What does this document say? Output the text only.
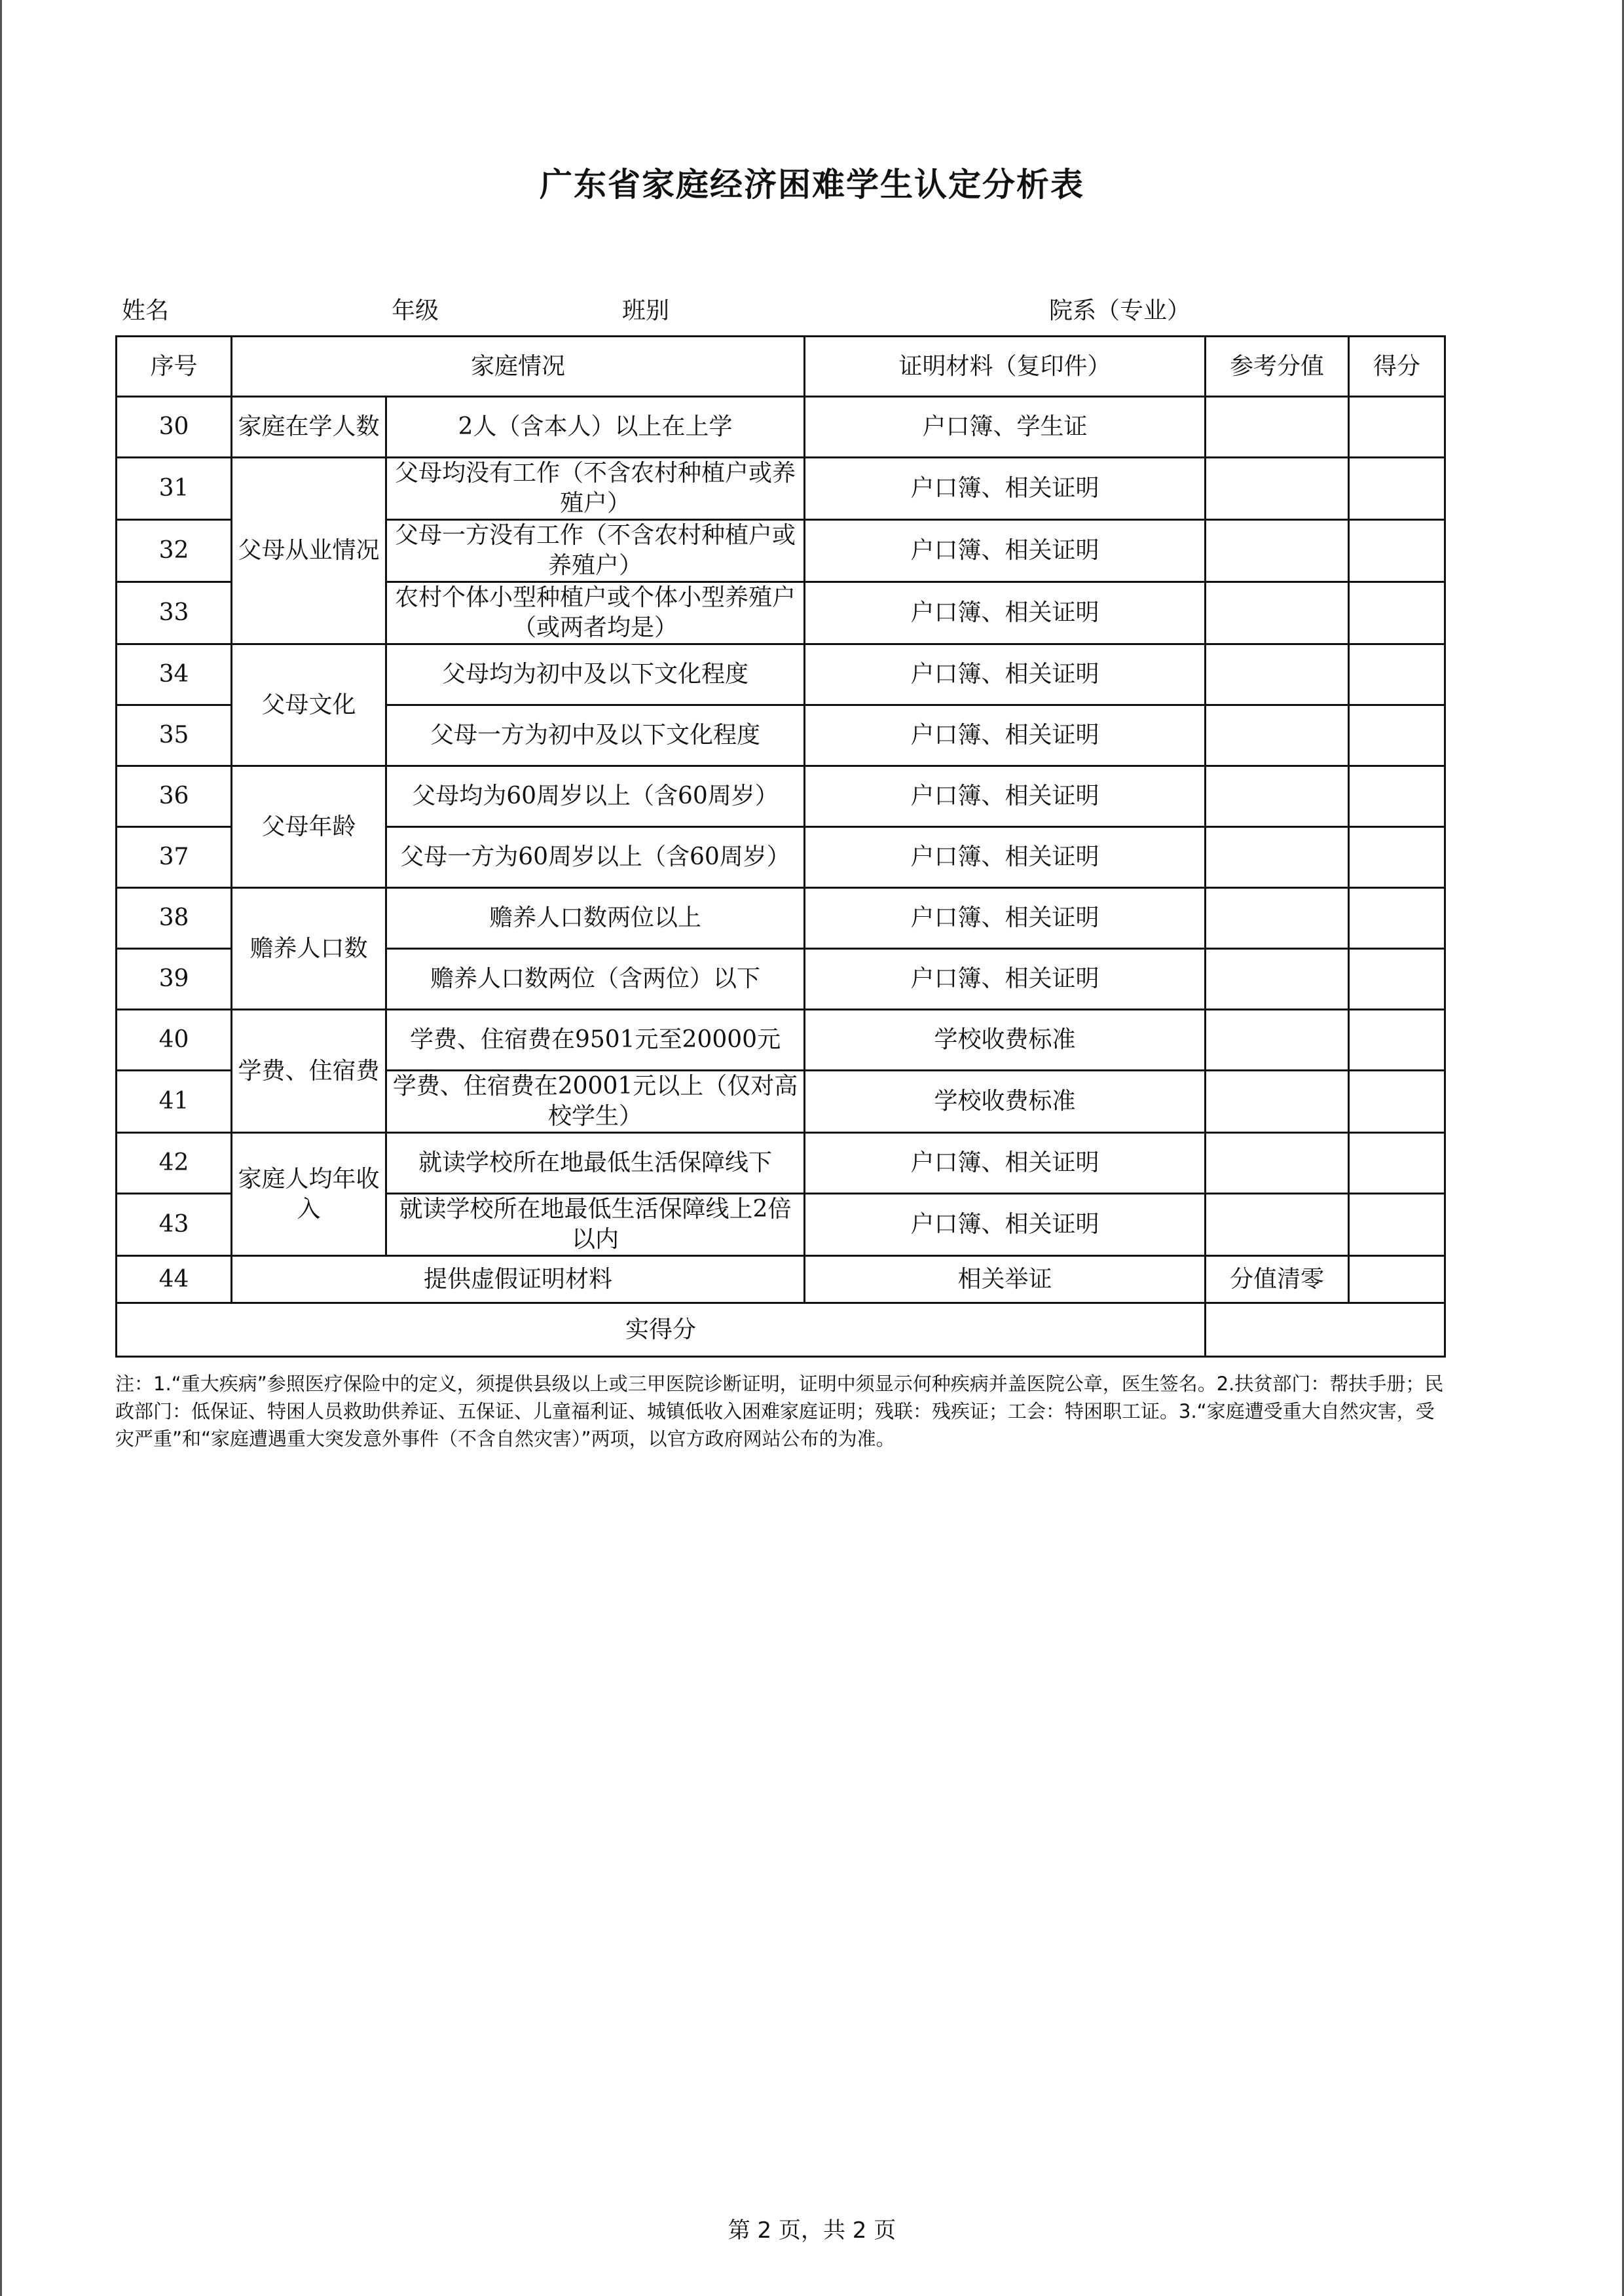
广东省家庭经济困难学生认定分析表
姓名	年级	班别	院系（专业）
序号	家庭情况		证明材料（复印件）	参考分值	得分
30	家庭在学人数	2人（含本人）以上在上学	户口簿、学生证		
31	父母从业情况	父母均没有工作（不含农村种植户或养殖户）	户口簿、相关证明		
32		父母一方没有工作（不含农村种植户或养殖户）	户口簿、相关证明		
33		农村个体小型种植户或个体小型养殖户（或两者均是）	户口簿、相关证明		
34	父母文化	父母均为初中及以下文化程度	户口簿、相关证明		
35		父母一方为初中及以下文化程度	户口簿、相关证明		
36	父母年龄	父母均为60周岁以上（含60周岁）	户口簿、相关证明		
37		父母一方为60周岁以上（含60周岁）	户口簿、相关证明		
38	赡养人口数	赡养人口数两位以上	户口簿、相关证明		
39		赡养人口数两位（含两位）以下	户口簿、相关证明		
40	学费、住宿费	学费、住宿费在9501元至20000元	学校收费标准		
41		学费、住宿费在20001元以上（仅对高校学生）	学校收费标准		
42	家庭人均年收入	就读学校所在地最低生活保障线下	户口簿、相关证明		
43		就读学校所在地最低生活保障线上2倍以内	户口簿、相关证明		
44	提供虚假证明材料		相关举证	分值清零	
实得分					
注：1.“重大疾病”参照医疗保险中的定义，须提供县级以上或三甲医院诊断证明，证明中须显示何种疾病并盖医院公章，医生签名。2.扶贫部门：帮扶手册；民政部门：低保证、特困人员救助供养证、五保证、儿童福利证、城镇低收入困难家庭证明；残联：残疾证；工会：特困职工证。3.“家庭遭受重大自然灾害，受灾严重”和“家庭遭遇重大突发意外事件（不含自然灾害）”两项，以官方政府网站公布的为准。
第 2 页，共 2 页
